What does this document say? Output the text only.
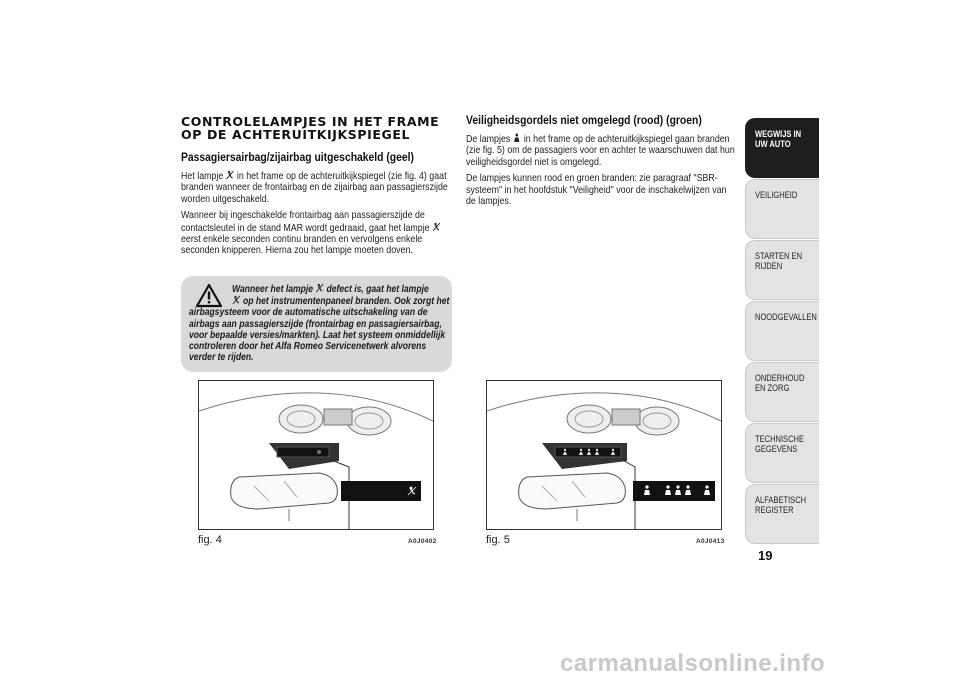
CONTROLELAMPJES IN HET FRAME OP DE ACHTERUITKIJKSPIEGEL
Passagiersairbag/zijairbag uitgeschakeld (geel)

Het lampje  in het frame op de achteruitkijkspiegel (zie fig. 4) gaat branden wanneer de frontairbag en de zijairbag aan passagierszijde worden uitgeschakeld.

Wanneer bij ingeschakelde frontairbag aan passagierszijde de contactsleutel in de stand MAR wordt gedraaid, gaat het lampje  eerst enkele seconden continu branden en vervolgens enkele seconden knipperen. Hierna zou het lampje moeten doven.

Wanneer het lampje  defect is, gaat het lampje
op het instrumentenpaneel branden. Ook zorgt het airbagsysteem voor de automatische uitschakeling van de airbags aan passagierszijde (frontairbag en passagiersairbag, voor bepaalde versies/markten). Laat het systeem onmiddellijk controleren door het Alfa Romeo Servicenetwerk alvorens verder te rijden.
fig. 4	A0J0402
Veiligheidsgordels niet omgelegd (rood) (groen)

De lampjes  in het frame op de achteruitkijkspiegel gaan branden (zie fig. 5) om de passagiers voor en achter te waarschuwen dat hun veiligheidsgordel niet is omgelegd.

De lampjes kunnen rood en groen branden: zie paragraaf "SBR-systeem" in het hoofdstuk "Veiligheid" voor de inschakelwijzen van de lampjes.

fig. 5	A0J0413
WEGWIJS IN UW AUTO
VEILIGHEID
STARTEN EN RIJDEN
NOODGEVALLEN
ONDERHOUD EN ZORG
TECHNISCHE GEGEVENS
ALFABETISCH REGISTER
19
carmanualsonline.info
